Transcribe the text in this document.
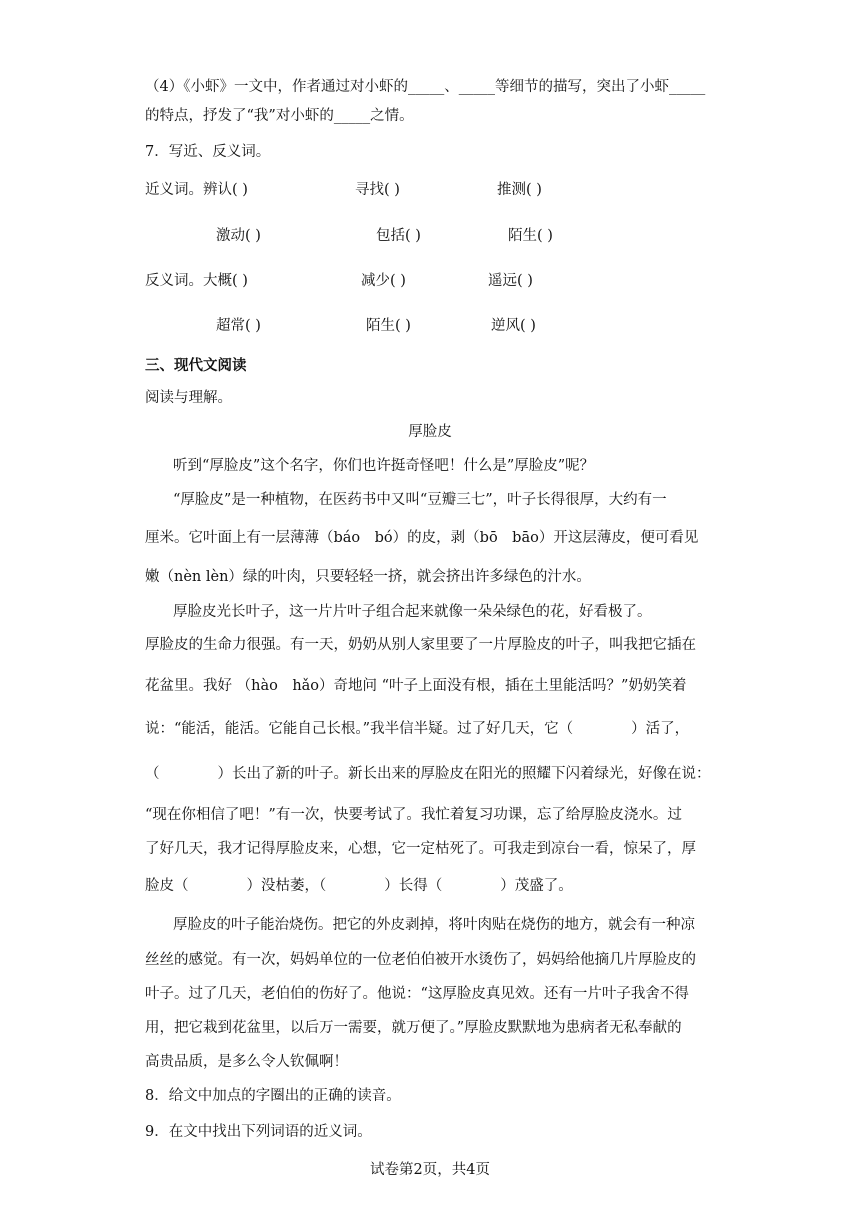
（4）《小虾》一文中，作者通过对小虾的_____、_____等细节的描写，突出了小虾_____
的特点，抒发了“我”对小虾的_____之情。
7．写近、反义词。
近义词。 辨认( )	寻找( )	推测( )
激动( )	包括( )	陌生( )
反义词。 大概( )	减少( )	遥远( )
超常( )	陌生( )	逆风( )
三、现代文阅读
阅读与理解。
厚脸皮
听到“厚脸皮”这个名字，你们也许挺奇怪吧！什么是”厚脸皮”呢？
“厚脸皮”是一种植物，在医药书中又叫“豆瓣三七”，叶子长得很厚，大约有一
厘米。它叶面上有一层薄薄（báo　bó）的皮，剥（bō　bāo）开这层薄皮，便可看见
嫩（nèn lèn）绿的叶肉，只要轻轻一挤，就会挤出许多绿色的汁水。
厚脸皮光长叶子，这一片片叶子组合起来就像一朵朵绿色的花，好看极了。
厚脸皮的生命力很强。有一天，奶奶从别人家里要了一片厚脸皮的叶子，叫我把它插在
花盆里。我好 （hào　hǎo）奇地问 “叶子上面没有根，插在土里能活吗？”奶奶笑着
说：“能活，能活。它能自己长根。”我半信半疑。过了好几天，它（　　　　）活了，
（　　　　）长出了新的叶子。新长出来的厚脸皮在阳光的照耀下闪着绿光，好像在说：
“现在你相信了吧！”有一次，快要考试了。我忙着复习功课，忘了给厚脸皮浇水。过
了好几天，我才记得厚脸皮来，心想，它一定枯死了。可我走到凉台一看，惊呆了，厚
脸皮（　　　　）没枯萎，（　　　　）长得（　　　　）茂盛了。
厚脸皮的叶子能治烧伤。把它的外皮剥掉，将叶肉贴在烧伤的地方，就会有一种凉
丝丝的感觉。有一次，妈妈单位的一位老伯伯被开水烫伤了，妈妈给他摘几片厚脸皮的
叶子。过了几天，老伯伯的伤好了。他说：“这厚脸皮真见效。还有一片叶子我舍不得
用，把它栽到花盆里，以后万一需要，就万便了。”厚脸皮默默地为患病者无私奉献的
高贵品质，是多么令人钦佩啊！
8．给文中加点的字圈出的正确的读音。
9．在文中找出下列词语的近义词。
试卷第2页，共4页
